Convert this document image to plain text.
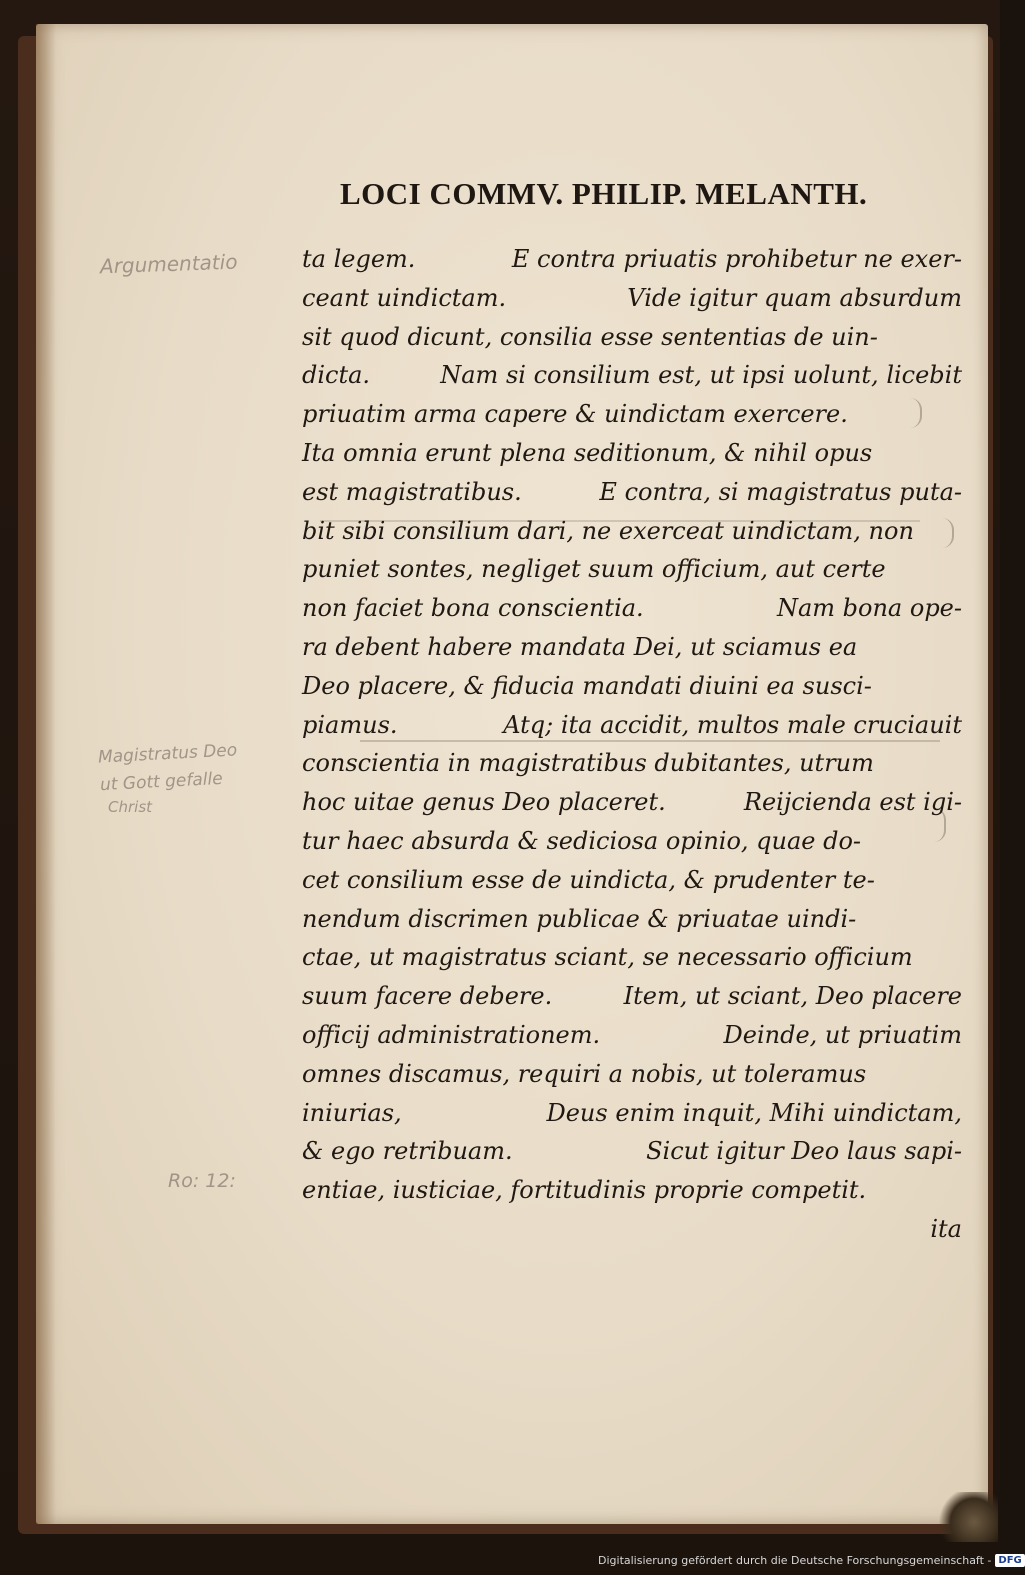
LOCI COMMV. PHILIP. MELANTH.
ta legem.	E contra priuatis prohibetur ne exer-
ceant uindictam.	Vide igitur quam absurdum
sit quod dicunt, consilia esse sententias de uin-
dicta.	Nam si consilium est, ut ipsi uolunt, licebit
priuatim arma capere & uindictam exercere.
Ita omnia erunt plena seditionum, & nihil opus
est magistratibus.	E contra, si magistratus puta-
bit sibi consilium dari, ne exerceat uindictam, non
puniet sontes, negliget suum officium, aut certe
non faciet bona conscientia.	Nam bona ope-
ra debent habere mandata Dei, ut sciamus ea
Deo placere, & fiducia mandati diuini ea susci-
piamus.	Atq; ita accidit, multos male cruciauit
conscientia in magistratibus dubitantes, utrum
hoc uitae genus Deo placeret.	Reijcienda est igi-
tur haec absurda & sediciosa opinio, quae do-
cet consilium esse de uindicta, & prudenter te-
nendum discrimen publicae & priuatae uindi-
ctae, ut magistratus sciant, se necessario officium
suum facere debere.	Item, ut sciant, Deo placere
officij administrationem.	Deinde, ut priuatim
omnes discamus, requiri a nobis, ut toleramus
iniurias,	Deus enim inquit, Mihi uindictam,
& ego retribuam.	Sicut igitur Deo laus sapi-
entiae, iusticiae, fortitudinis proprie competit.
ita
Argumentatio
Magistratus Deo
ut Gott gefalle
Christ
Ro: 12:
Digitalisierung gefördert durch die Deutsche Forschungsgemeinschaft - DFG
